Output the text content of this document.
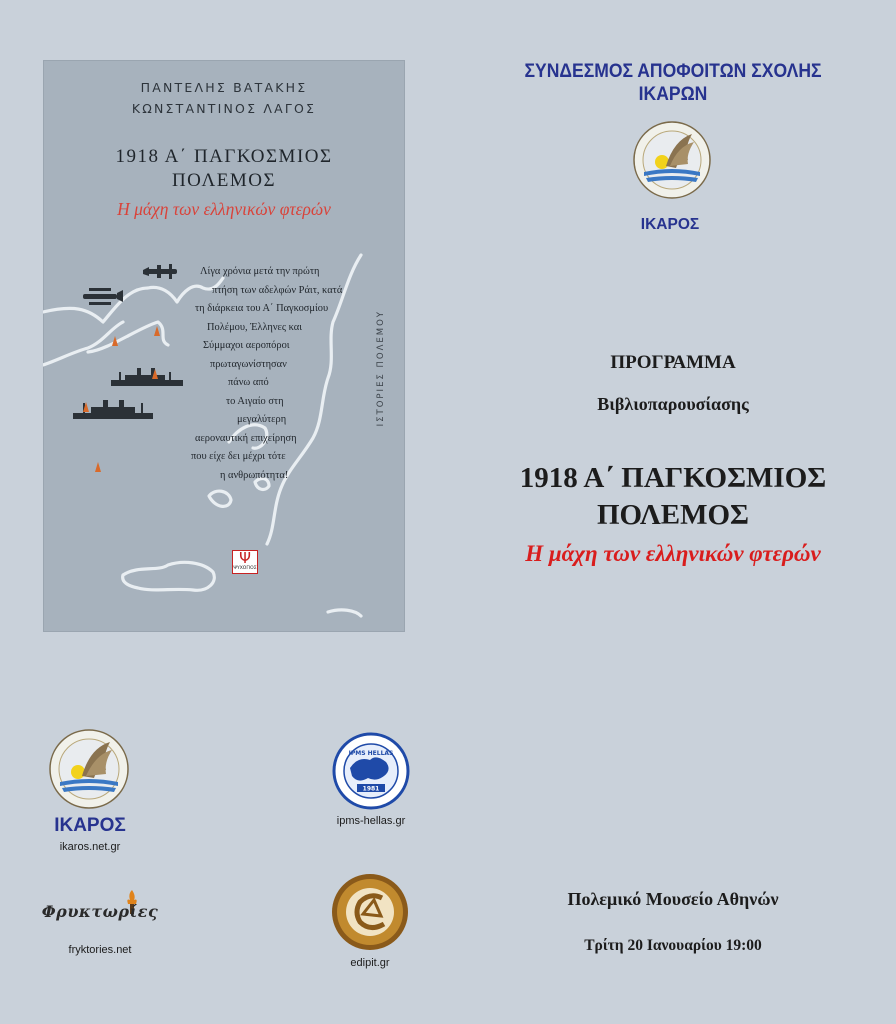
ΠΑΝΤΕΛΗΣ ΒΑΤΑΚΗΣ
ΚΩΝΣΤΑΝΤΙΝΟΣ ΛΑΓΟΣ
1918 Α΄ ΠΑΓΚΟΣΜΙΟΣ
ΠΟΛΕΜΟΣ
Η μάχη των ελληνικών φτερών
Λίγα χρόνια μετά την πρώτη
πτήση των αδελφών Ράιτ, κατά
τη διάρκεια του Α΄ Παγκοσμίου
Πολέμου, Έλληνες και
Σύμμαχοι αεροπόροι
πρωταγωνίστησαν
πάνω από
το Αιγαίο στη
μεγαλύτερη
αεροναυτική επιχείρηση
που είχε δει μέχρι τότε
η ανθρωπότητα!
ΙΣΤΟΡΙΕΣ ΠΟΛΕΜΟΥ
Ψ
ΨΥΧΟΓΙΟΣ
ΣΥΝΔΕΣΜΟΣ ΑΠΟΦΟΙΤΩΝ ΣΧΟΛΗΣ ΙΚΑΡΩΝ
ΙΚΑΡΟΣ
ΠΡΟΓΡΑΜΜΑ
Βιβλιοπαρουσίασης
1918 Α΄ ΠΑΓΚΟΣΜΙΟΣ
ΠΟΛΕΜΟΣ
Η μάχη των ελληνικών φτερών
Πολεμικό Μουσείο Αθηνών
Τρίτη 20 Ιανουαρίου 19:00
ΙΚΑΡΟΣ
ikaros.net.gr
1981
IPMS HELLAS
ipms-hellas.gr
Φρυκτωρίες
fryktories.net
edipit.gr
